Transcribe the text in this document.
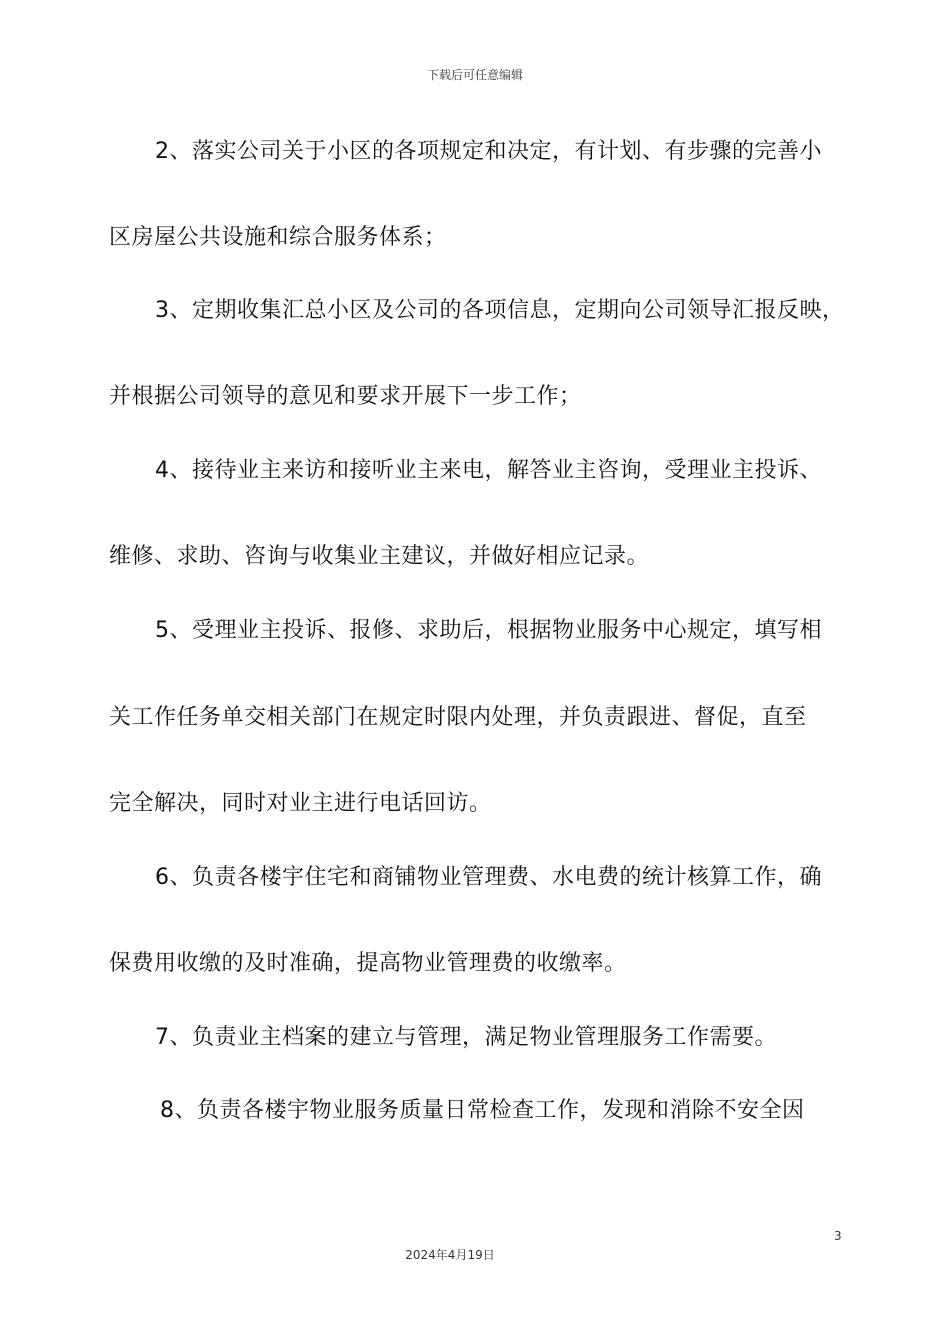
下载后可任意编辑
2、落实公司关于小区的各项规定和决定，有计划、有步骤的完善小
区房屋公共设施和综合服务体系；
3、定期收集汇总小区及公司的各项信息，定期向公司领导汇报反映，
并根据公司领导的意见和要求开展下一步工作；
4、接待业主来访和接听业主来电，解答业主咨询，受理业主投诉、
维修、求助、咨询与收集业主建议，并做好相应记录。
5、受理业主投诉、报修、求助后，根据物业服务中心规定，填写相
关工作任务单交相关部门在规定时限内处理，并负责跟进、督促，直至
完全解决，同时对业主进行电话回访。
6、负责各楼宇住宅和商铺物业管理费、水电费的统计核算工作，确
保费用收缴的及时准确，提高物业管理费的收缴率。
7、负责业主档案的建立与管理，满足物业管理服务工作需要。
8、负责各楼宇物业服务质量日常检查工作，发现和消除不安全因
3
2024年4月19日
